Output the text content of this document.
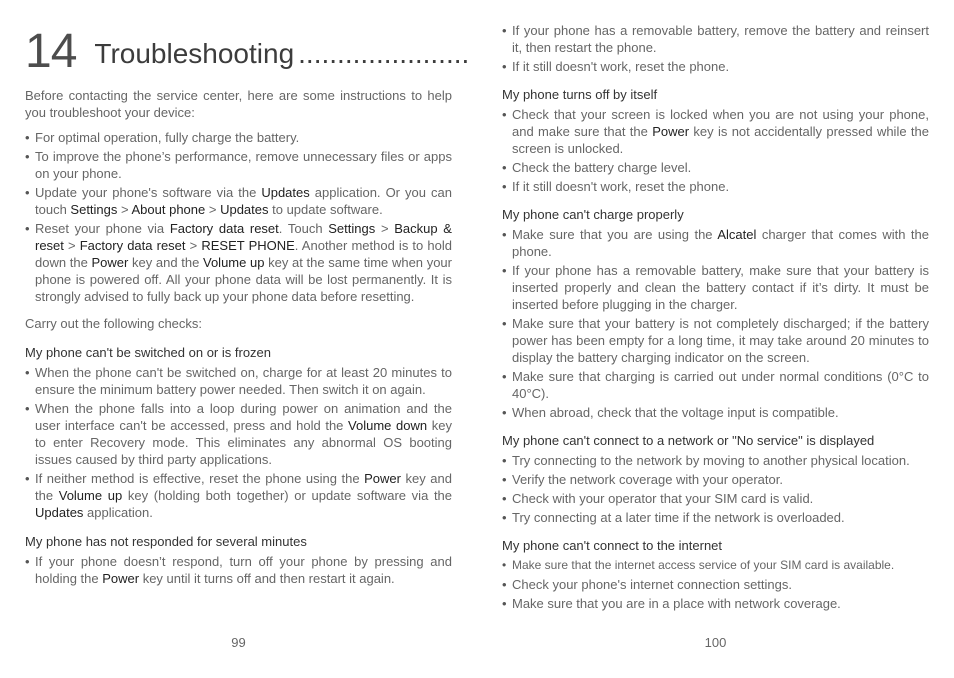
14 Troubleshooting ......................

Before contacting the service center, here are some instructions to help you troubleshoot your device:

• For optimal operation, fully charge the battery.
• To improve the phone’s performance, remove unnecessary files or apps on your phone.
• Update your phone's software via the Updates application. Or you can touch Settings > About phone > Updates to update software.
• Reset your phone via Factory data reset. Touch Settings > Backup & reset > Factory data reset > RESET PHONE. Another method is to hold down the Power key and the Volume up key at the same time when your phone is powered off. All your phone data will be lost permanently. It is strongly advised to fully back up your phone data before resetting.

Carry out the following checks:

My phone can't be switched on or is frozen
• When the phone can't be switched on, charge for at least 20 minutes to ensure the minimum battery power needed. Then switch it on again.
• When the phone falls into a loop during power on animation and the user interface can't be accessed, press and hold the Volume down key to enter Recovery mode. This eliminates any abnormal OS booting issues caused by third party applications.
• If neither method is effective, reset the phone using the Power key and the Volume up key (holding both together) or update software via the Updates application.
My phone has not responded for several minutes
• If your phone doesn’t respond, turn off your phone by pressing and holding the Power key until it turns off and then restart it again.
99
• If your phone has a removable battery, remove the battery and reinsert it, then restart the phone.
• If it still doesn't work, reset the phone.
My phone turns off by itself
• Check that your screen is locked when you are not using your phone, and make sure that the Power key is not accidentally pressed while the screen is unlocked.
• Check the battery charge level.
• If it still doesn't work, reset the phone.
My phone can't charge properly
• Make sure that you are using the Alcatel charger that comes with the phone.
• If your phone has a removable battery, make sure that your battery is inserted properly and clean the battery contact if it’s dirty. It must be inserted before plugging in the charger.
• Make sure that your battery is not completely discharged; if the battery power has been empty for a long time, it may take around 20 minutes to display the battery charging indicator on the screen.
• Make sure that charging is carried out under normal conditions (0°C to 40°C).
• When abroad, check that the voltage input is compatible.
My phone can't connect to a network or "No service" is displayed
• Try connecting to the network by moving to another physical location.
• Verify the network coverage with your operator.
• Check with your operator that your SIM card is valid.
• Try connecting at a later time if the network is overloaded.
My phone can't connect to the internet
• Make sure that the internet access service of your SIM card is available.
• Check your phone's internet connection settings.
• Make sure that you are in a place with network coverage.
100
